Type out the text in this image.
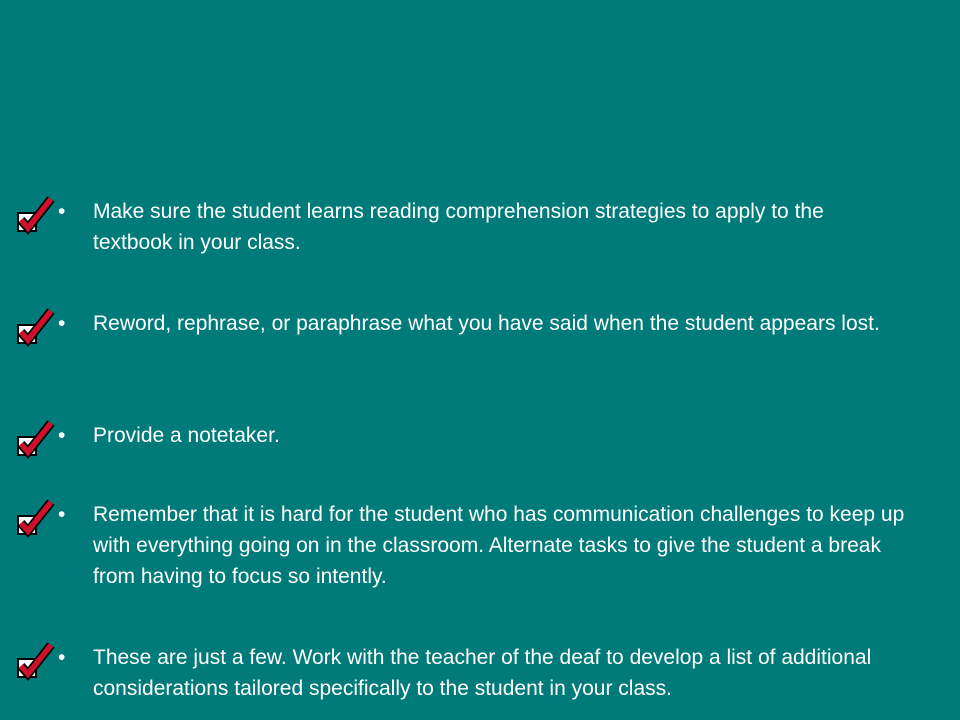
• Make sure the student learns reading comprehension strategies to apply to the textbook in your class.
• Reword, rephrase, or paraphrase what you have said when the student appears lost.
• Provide a notetaker.
• Remember that it is hard for the student who has communication challenges to keep up with everything going on in the classroom. Alternate tasks to give the student a break from having to focus so intently.
• These are just a few. Work with the teacher of the deaf to develop a list of additional considerations tailored specifically to the student in your class.
